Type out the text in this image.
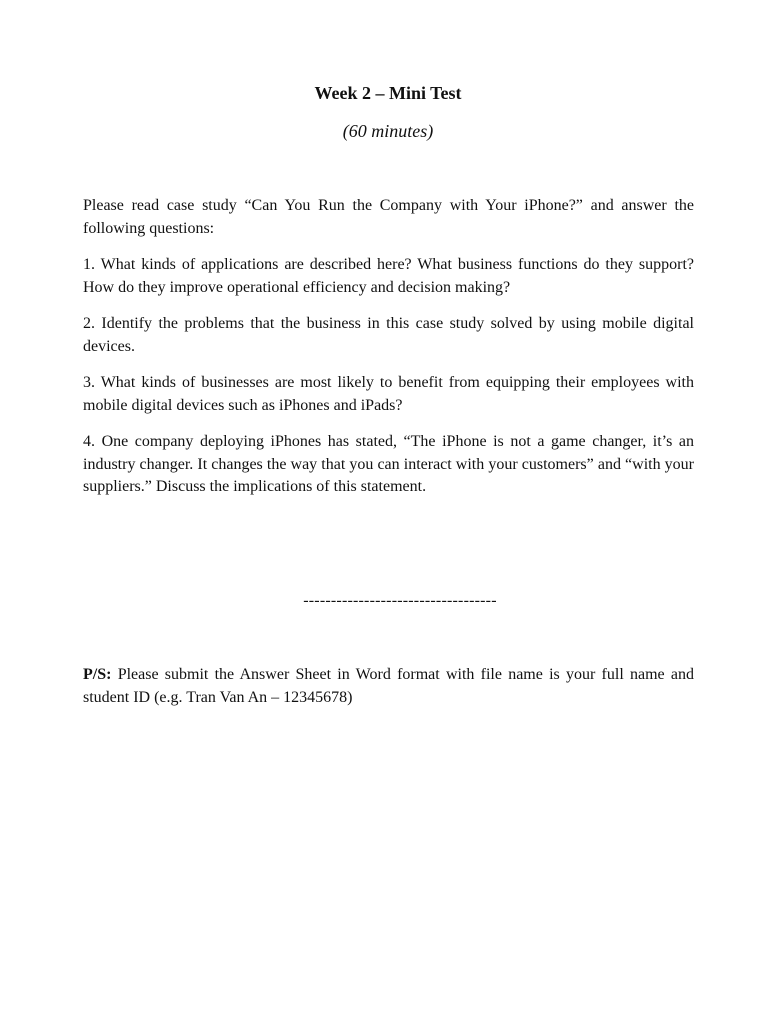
Week 2 – Mini Test
(60 minutes)

Please read case study “Can You Run the Company with Your iPhone?” and answer the following questions:

1. What kinds of applications are described here? What business functions do they support? How do they improve operational efficiency and decision making?

2. Identify the problems that the business in this case study solved by using mobile digital devices.

3. What kinds of businesses are most likely to benefit from equipping their employees with mobile digital devices such as iPhones and iPads?

4. One company deploying iPhones has stated, “The iPhone is not a game changer, it’s an industry changer. It changes the way that you can interact with your customers” and “with your suppliers.” Discuss the implications of this statement.

-----------------------------------
P/S: Please submit the Answer Sheet in Word format with file name is your full name and student ID (e.g. Tran Van An – 12345678)
